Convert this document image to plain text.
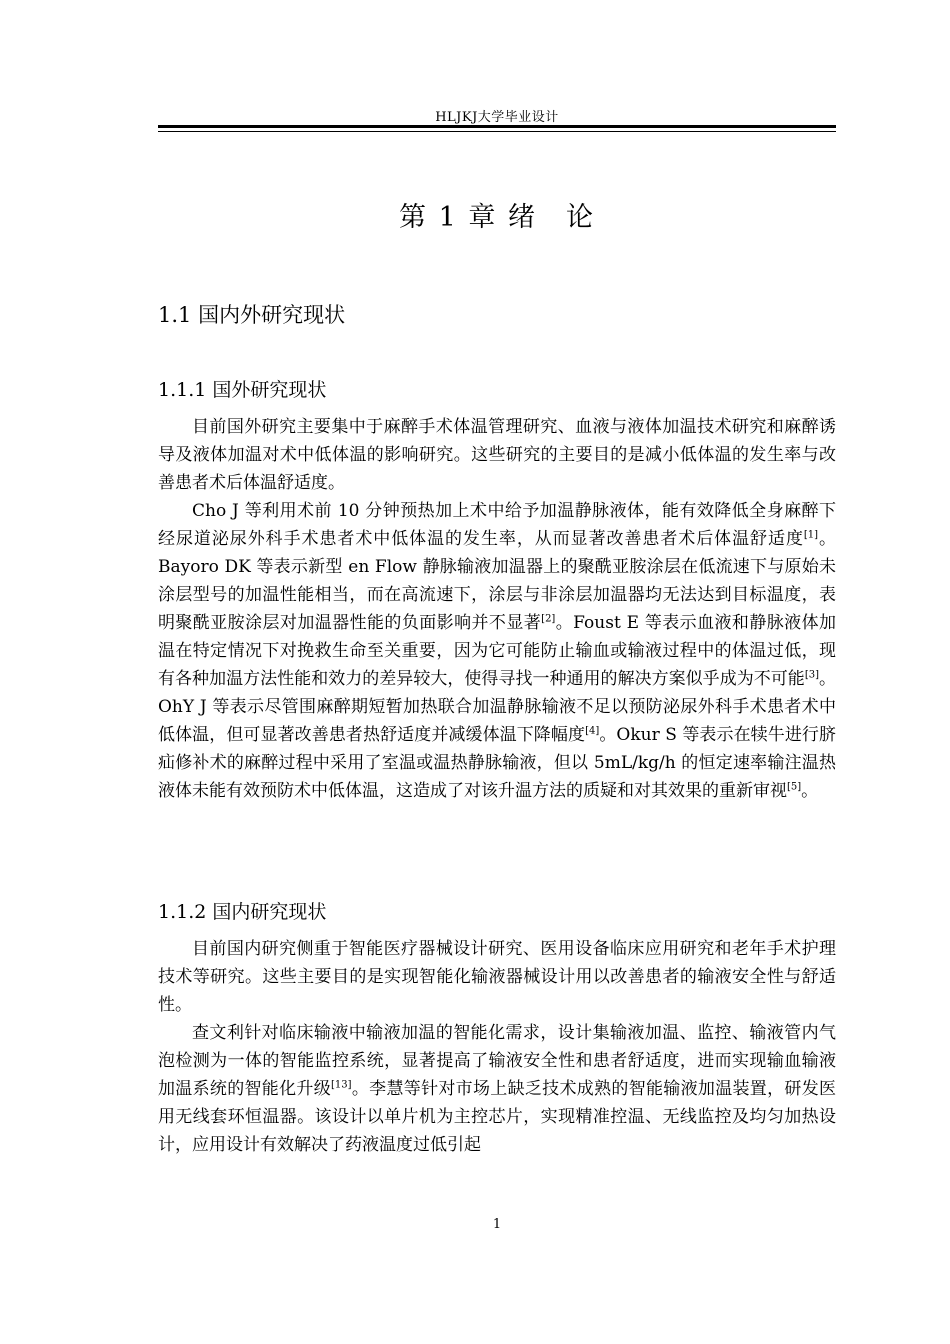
HLJKJ大学毕业设计
第 1 章 绪　论
1.1 国内外研究现状
1.1.1 国外研究现状

目前国外研究主要集中于麻醉手术体温管理研究、血液与液体加温技术研究和麻醉诱导及液体加温对术中低体温的影响研究。这些研究的主要目的是减小低体温的发生率与改善患者术后体温舒适度。

Cho J 等利用术前 10 分钟预热加上术中给予加温静脉液体，能有效降低全身麻醉下经尿道泌尿外科手术患者术中低体温的发生率，从而显著改善患者术后体温舒适度[1]。Bayoro DK 等表示新型 en Flow 静脉输液加温器上的聚酰亚胺涂层在低流速下与原始未涂层型号的加温性能相当，而在高流速下，涂层与非涂层加温器均无法达到目标温度，表明聚酰亚胺涂层对加温器性能的负面影响并不显著[2]。Foust E 等表示血液和静脉液体加温在特定情况下对挽救生命至关重要，因为它可能防止输血或输液过程中的体温过低，现有各种加温方法性能和效力的差异较大，使得寻找一种通用的解决方案似乎成为不可能[3]。OhY J 等表示尽管围麻醉期短暂加热联合加温静脉输液不足以预防泌尿外科手术患者术中低体温，但可显著改善患者热舒适度并减缓体温下降幅度[4]。Okur S 等表示在犊牛进行脐疝修补术的麻醉过程中采用了室温或温热静脉输液，但以 5mL/kg/h 的恒定速率输注温热液体未能有效预防术中低体温，这造成了对该升温方法的质疑和对其效果的重新审视[5]。

1.1.2 国内研究现状

目前国内研究侧重于智能医疗器械设计研究、医用设备临床应用研究和老年手术护理技术等研究。这些主要目的是实现智能化输液器械设计用以改善患者的输液安全性与舒适性。

查文利针对临床输液中输液加温的智能化需求，设计集输液加温、监控、输液管内气泡检测为一体的智能监控系统，显著提高了输液安全性和患者舒适度，进而实现输血输液加温系统的智能化升级[13]。李慧等针对市场上缺乏技术成熟的智能输液加温装置，研发医用无线套环恒温器。该设计以单片机为主控芯片，实现精准控温、无线监控及均匀加热设计，应用设计有效解决了药液温度过低引起

1
